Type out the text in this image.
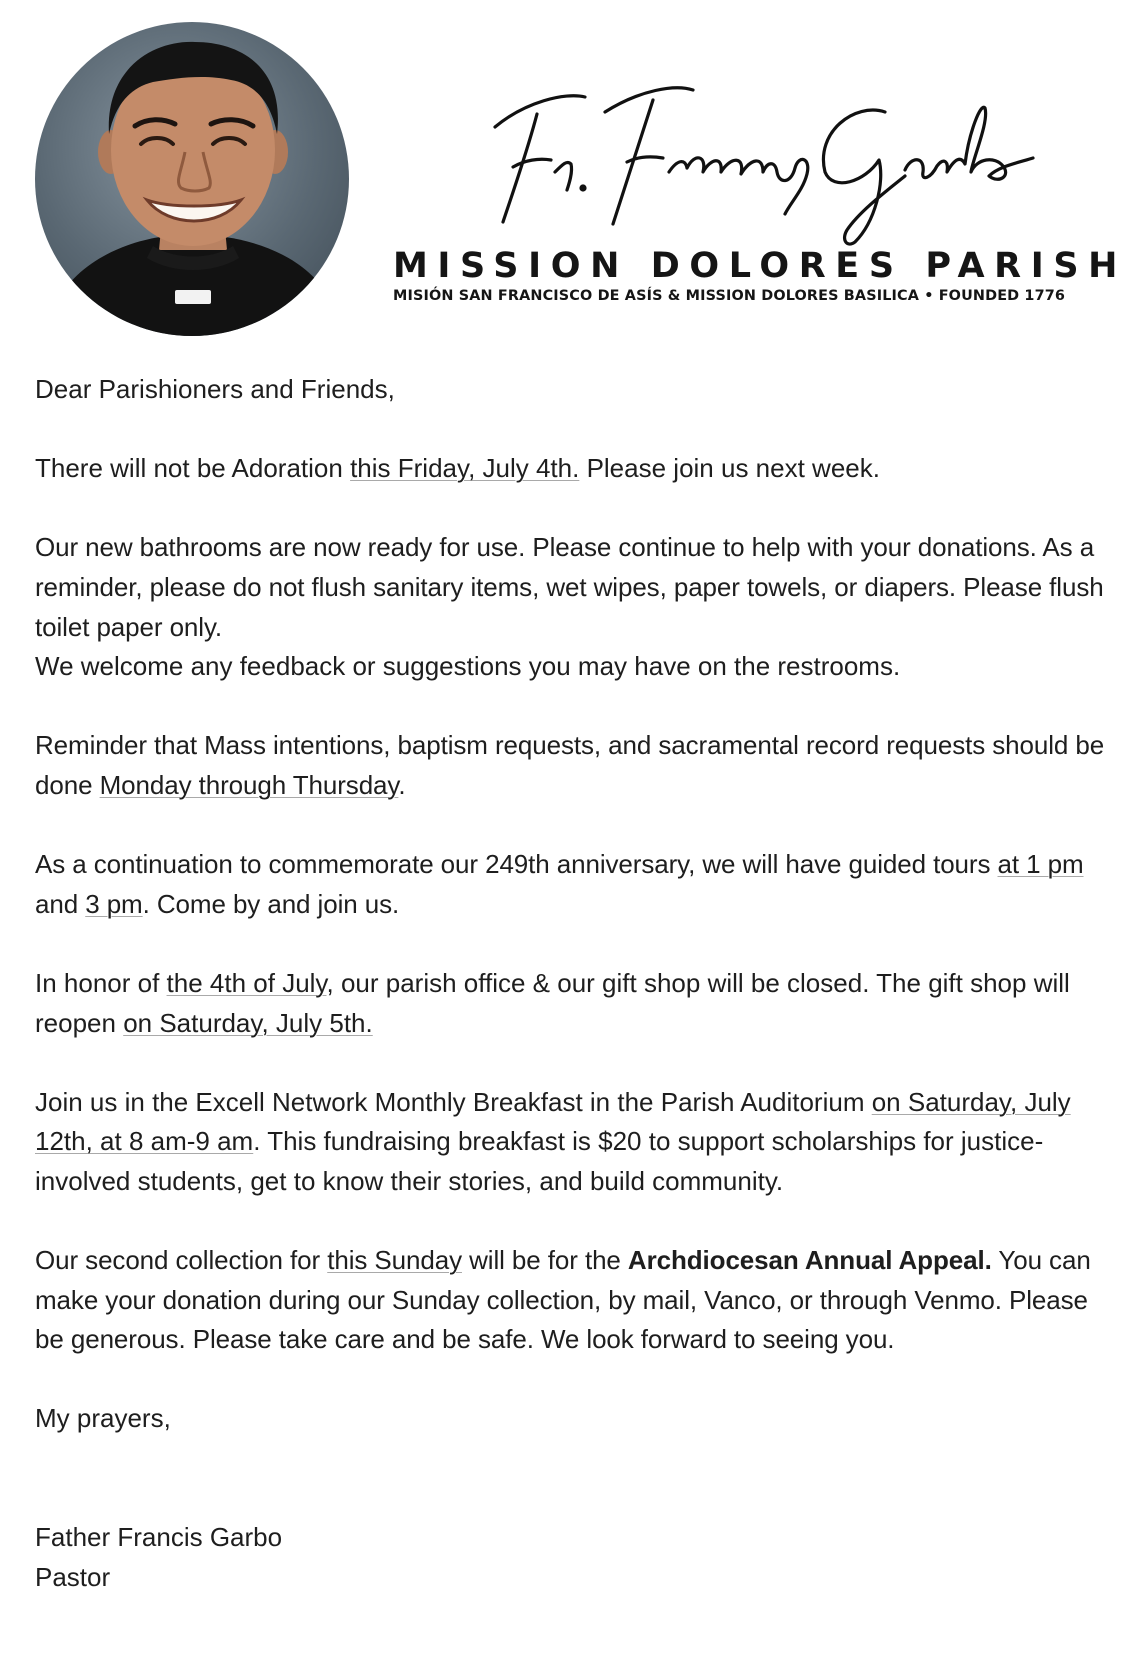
MISSION DOLORES PARISH

MISIÓN SAN FRANCISCO DE ASÍS & MISSION DOLORES BASILICA • FOUNDED 1776

Dear Parishioners and Friends,

There will not be Adoration this Friday, July 4th. Please join us next week.

Our new bathrooms are now ready for use. Please continue to help with your donations. As a reminder, please do not flush sanitary items, wet wipes, paper towels, or diapers. Please flush toilet paper only.

We welcome any feedback or suggestions you may have on the restrooms.

Reminder that Mass intentions, baptism requests, and sacramental record requests should be done Monday through Thursday.

As a continuation to commemorate our 249th anniversary, we will have guided tours at 1 pm and 3 pm. Come by and join us.

In honor of the 4th of July, our parish office & our gift shop will be closed. The gift shop will reopen on Saturday, July 5th.

Join us in the Excell Network Monthly Breakfast in the Parish Auditorium on Saturday, July 12th, at 8 am-9 am. This fundraising breakfast is $20 to support scholarships for justice-involved students, get to know their stories, and build community.

Our second collection for this Sunday will be for the Archdiocesan Annual Appeal. You can make your donation during our Sunday collection, by mail, Vanco, or through Venmo. Please be generous. Please take care and be safe. We look forward to seeing you.

My prayers,

Father Francis Garbo

Pastor
